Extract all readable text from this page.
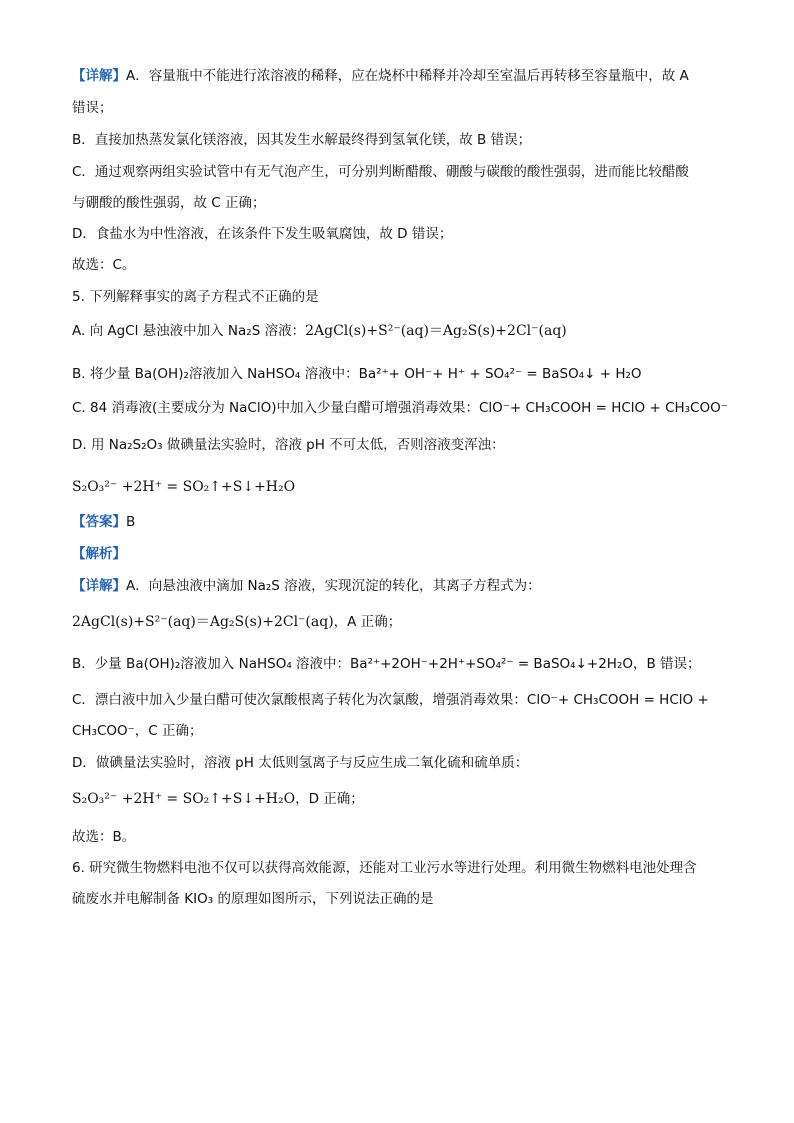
【详解】A．容量瓶中不能进行浓溶液的稀释，应在烧杯中稀释并冷却至室温后再转移至容量瓶中，故 A
错误；
B．直接加热蒸发氯化镁溶液，因其发生水解最终得到氢氧化镁，故 B 错误；
C．通过观察两组实验试管中有无气泡产生，可分别判断醋酸、硼酸与碳酸的酸性强弱，进而能比较醋酸
与硼酸的酸性强弱，故 C 正确；
D．食盐水为中性溶液，在该条件下发生吸氧腐蚀，故 D 错误；
故选：C。
5. 下列解释事实的离子方程式不正确的是
A. 向 AgCl 悬浊液中加入 Na₂S 溶液：2AgCl(s)+S²⁻(aq)＝Ag₂S(s)+2Cl⁻(aq)
B. 将少量 Ba(OH)₂溶液加入 NaHSO₄ 溶液中：Ba²⁺+ OH⁻+ H⁺ + SO₄²⁻ = BaSO₄↓ + H₂O
C. 84 消毒液(主要成分为 NaClO)中加入少量白醋可增强消毒效果：ClO⁻+ CH₃COOH = HClO + CH₃COO⁻
D. 用 Na₂S₂O₃ 做碘量法实验时，溶液 pH 不可太低，否则溶液变浑浊：
S₂O₃²⁻ +2H⁺ = SO₂↑+S↓+H₂O
【答案】B
【解析】
【详解】A．向悬浊液中滴加 Na₂S 溶液，实现沉淀的转化，其离子方程式为：
2AgCl(s)+S²⁻(aq)＝Ag₂S(s)+2Cl⁻(aq)，A 正确；
B．少量 Ba(OH)₂溶液加入 NaHSO₄ 溶液中：Ba²⁺+2OH⁻+2H⁺+SO₄²⁻ = BaSO₄↓+2H₂O，B 错误；
C．漂白液中加入少量白醋可使次氯酸根离子转化为次氯酸，增强消毒效果：ClO⁻+ CH₃COOH = HClO +
CH₃COO⁻，C 正确；
D．做碘量法实验时，溶液 pH 太低则氢离子与反应生成二氧化硫和硫单质：
S₂O₃²⁻ +2H⁺ = SO₂↑+S↓+H₂O，D 正确；
故选：B。
6. 研究微生物燃料电池不仅可以获得高效能源，还能对工业污水等进行处理。利用微生物燃料电池处理含
硫废水并电解制备 KIO₃ 的原理如图所示，下列说法正确的是
